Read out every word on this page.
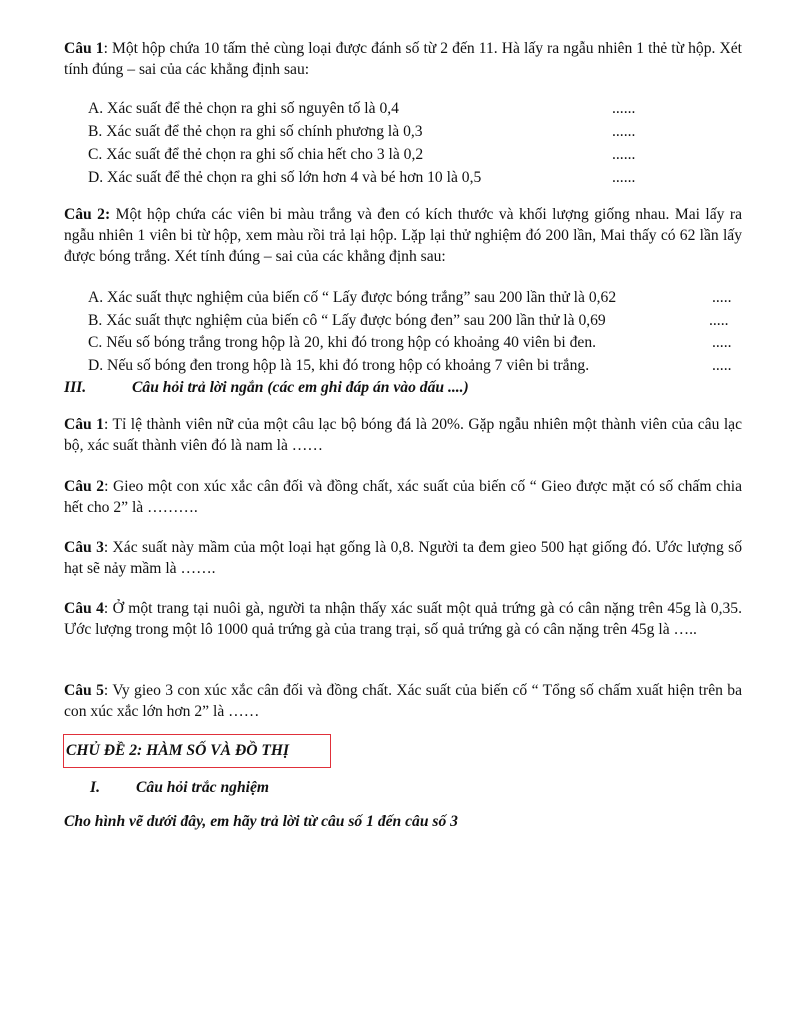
Câu 1: Một hộp chứa 10 tấm thẻ cùng loại được đánh số từ 2 đến 11. Hà lấy ra ngẫu nhiên 1 thẻ từ hộp. Xét tính đúng – sai của các khẳng định sau:

A. Xác suất để thẻ chọn ra ghi số nguyên tố là 0,4	......
B. Xác suất để thẻ chọn ra ghi số chính phương là 0,3	......
C. Xác suất để thẻ chọn ra ghi số chia hết cho 3 là 0,2	......
D. Xác suất để thẻ chọn ra ghi số lớn hơn 4 và bé hơn 10 là 0,5	......

Câu 2: Một hộp chứa các viên bi màu trắng và đen có kích thước và khối lượng giống nhau. Mai lấy ra ngẫu nhiên 1 viên bi từ hộp, xem màu rồi trả lại hộp. Lặp lại thử nghiệm đó 200 lần, Mai thấy có 62 lần lấy được bóng trắng. Xét tính đúng – sai của các khẳng định sau:

A. Xác suất thực nghiệm của biến cố “ Lấy được bóng trắng” sau 200 lần thử là 0,62	.....
B. Xác suất thực nghiệm của biến cô “ Lấy được bóng đen” sau 200 lần thử là 0,69	.....
C. Nếu số bóng trắng trong hộp là 20, khi đó trong hộp có khoảng 40 viên bi đen.	.....
D. Nếu số bóng đen trong hộp là 15, khi đó trong hộp có khoảng 7 viên bi trắng.	.....
III.	Câu hỏi trả lời ngắn (các em ghi đáp án vào dấu ....)

Câu 1: Tỉ lệ thành viên nữ của một câu lạc bộ bóng đá là 20%. Gặp ngẫu nhiên một thành viên của câu lạc bộ, xác suất thành viên đó là nam là ……

Câu 2: Gieo một con xúc xắc cân đối và đồng chất, xác suất của biến cố “ Gieo được mặt có số chấm chia hết cho 2” là ……….

Câu 3: Xác suất này mầm của một loại hạt gống là 0,8. Người ta đem gieo 500 hạt giống đó. Ước lượng số hạt sẽ nảy mầm là …….

Câu 4: Ở một trang tại nuôi gà, người ta nhận thấy xác suất một quả trứng gà có cân nặng trên 45g là 0,35. Ước lượng trong một lô 1000 quả trứng gà của trang trại, số quả trứng gà có cân nặng trên 45g là …..

Câu 5: Vy gieo 3 con xúc xắc cân đối và đồng chất. Xác suất của biến cố “ Tổng số chấm xuất hiện trên ba con xúc xắc lớn hơn 2” là ……

CHỦ ĐỀ 2: HÀM SỐ VÀ ĐỒ THỊ
I. Câu hỏi trắc nghiệm
Cho hình vẽ dưới đây, em hãy trả lời từ câu số 1 đến câu số 3
